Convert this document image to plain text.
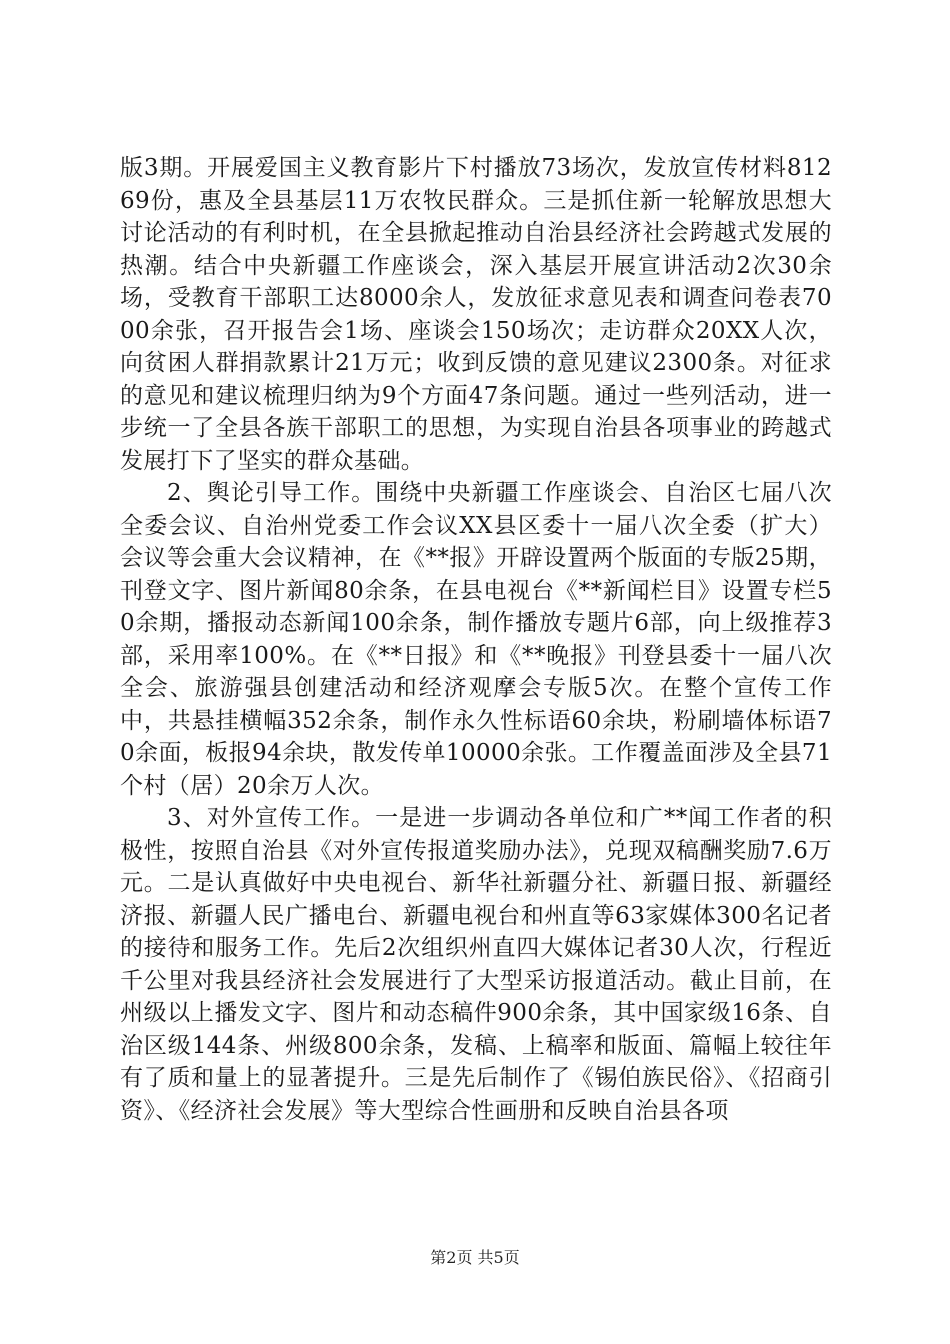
版3期。开展爱国主义教育影片下村播放73场次，发放宣传材料81269份，惠及全县基层11万农牧民群众。三是抓住新一轮解放思想大讨论活动的有利时机，在全县掀起推动自治县经济社会跨越式发展的热潮。结合中央新疆工作座谈会，深入基层开展宣讲活动2次30余场，受教育干部职工达8000余人，发放征求意见表和调查问卷表7000余张，召开报告会1场、座谈会150场次；走访群众20XX人次，向贫困人群捐款累计21万元；收到反馈的意见建议2300条。对征求的意见和建议梳理归纳为9个方面47条问题。通过一些列活动，进一步统一了全县各族干部职工的思想，为实现自治县各项事业的跨越式发展打下了坚实的群众基础。

2、舆论引导工作。围绕中央新疆工作座谈会、自治区七届八次全委会议、自治州党委工作会议XX县区委十一届八次全委（扩大）会议等会重大会议精神，在《**报》开辟设置两个版面的专版25期，刊登文字、图片新闻80余条，在县电视台《**新闻栏目》设置专栏50余期，播报动态新闻100余条，制作播放专题片6部，向上级推荐3部，采用率100%。在《**日报》和《**晚报》刊登县委十一届八次全会、旅游强县创建活动和经济观摩会专版5次。在整个宣传工作中，共悬挂横幅352余条，制作永久性标语60余块，粉刷墙体标语70余面，板报94余块，散发传单10000余张。工作覆盖面涉及全县71个村（居）20余万人次。

3、对外宣传工作。一是进一步调动各单位和广**闻工作者的积极性，按照自治县《对外宣传报道奖励办法》，兑现双稿酬奖励7.6万元。二是认真做好中央电视台、新华社新疆分社、新疆日报、新疆经济报、新疆人民广播电台、新疆电视台和州直等63家媒体300名记者的接待和服务工作。先后2次组织州直四大媒体记者30人次，行程近千公里对我县经济社会发展进行了大型采访报道活动。截止目前，在州级以上播发文字、图片和动态稿件900余条，其中国家级16条、自治区级144条、州级800余条，发稿、上稿率和版面、篇幅上较往年有了质和量上的显著提升。三是先后制作了《锡伯族民俗》、《招商引资》、《经济社会发展》等大型综合性画册和反映自治县各项

第2页 共5页
